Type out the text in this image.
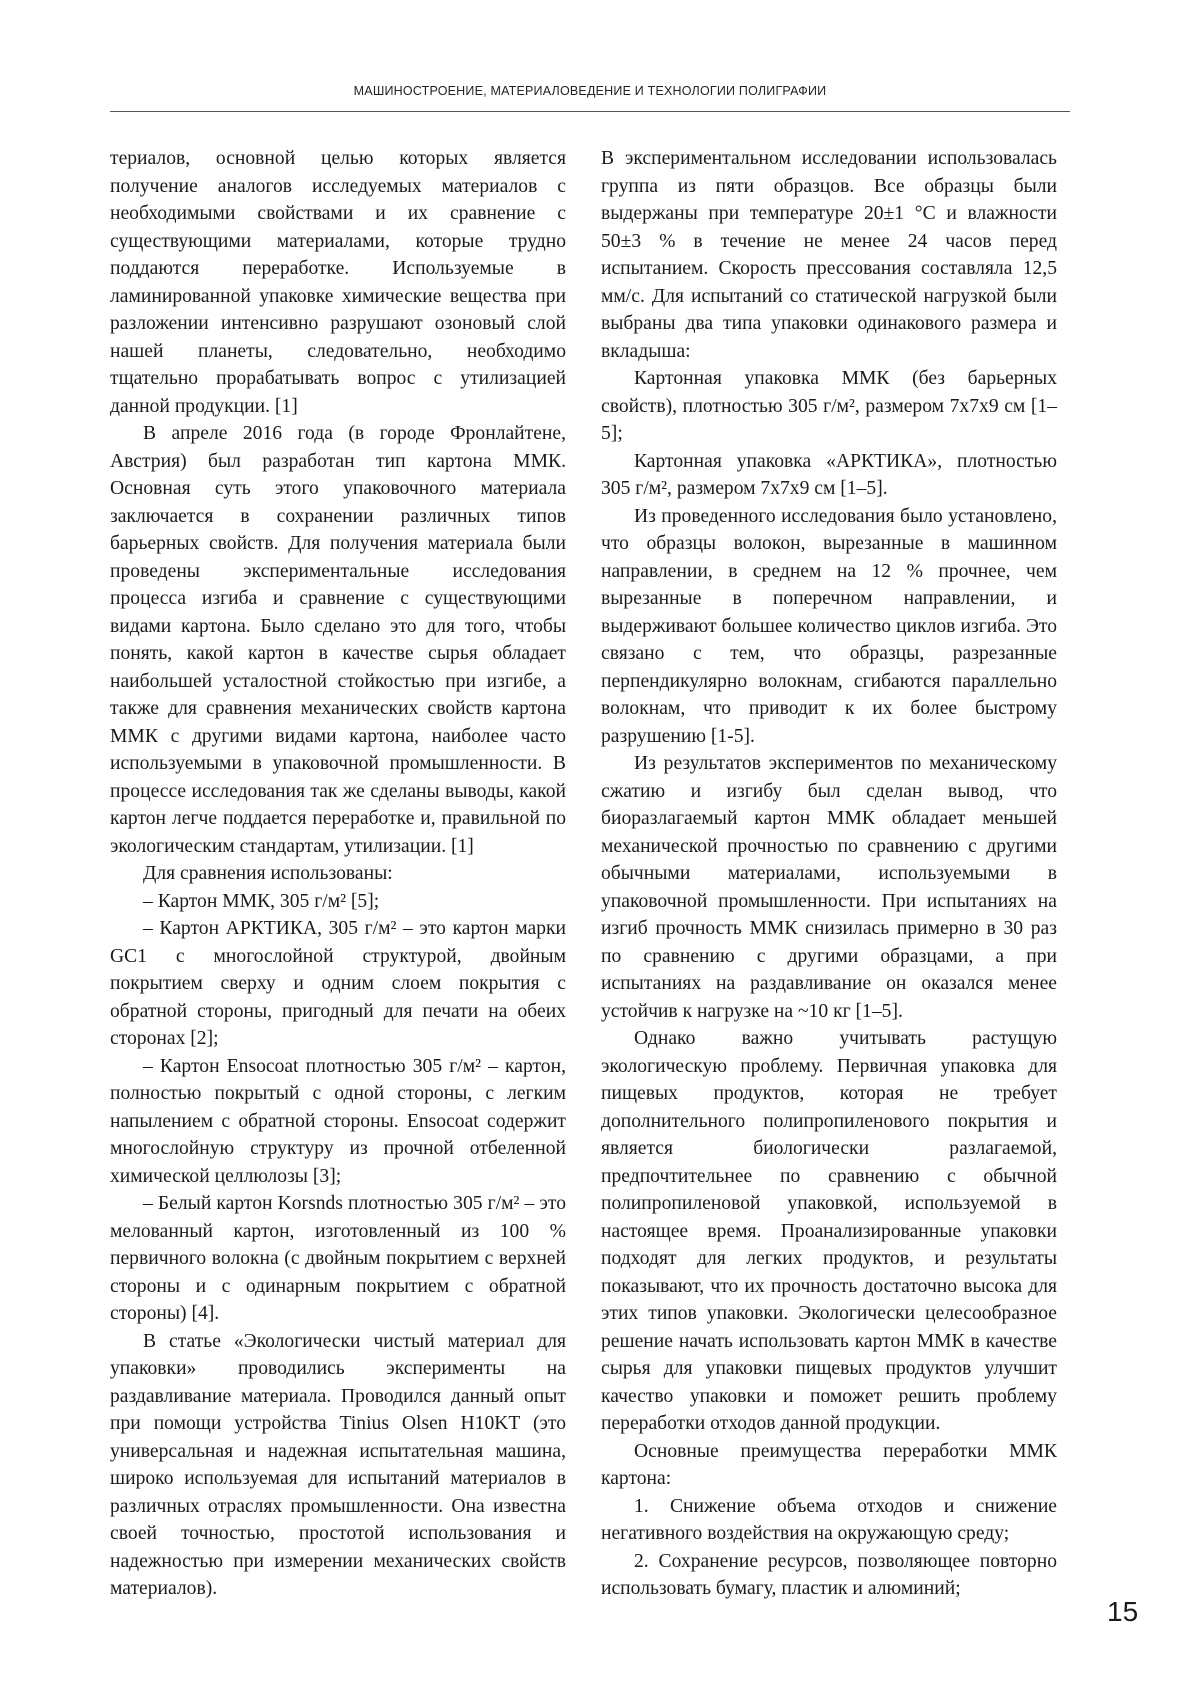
МАШИНОСТРОЕНИЕ, МАТЕРИАЛОВЕДЕНИЕ И ТЕХНОЛОГИИ ПОЛИГРАФИИ

териалов, основной целью которых является получение аналогов исследуемых материалов с необходимыми свойствами и их сравнение с существующими материалами, которые трудно поддаются переработке. Используемые в ламинированной упаковке химические вещества при разложении интенсивно разрушают озоновый слой нашей планеты, следовательно, необходимо тщательно прорабатывать вопрос с утилизацией данной продукции. [1]

В апреле 2016 года (в городе Фронлайтене, Австрия) был разработан тип картона ММК. Основная суть этого упаковочного материала заключается в сохранении различных типов барьерных свойств. Для получения материала были проведены экспериментальные исследования процесса изгиба и сравнение с существующими видами картона. Было сделано это для того, чтобы понять, какой картон в качестве сырья обладает наибольшей усталостной стойкостью при изгибе, а также для сравнения механических свойств картона ММК с другими видами картона, наиболее часто используемыми в упаковочной промышленности. В процессе исследования так же сделаны выводы, какой картон легче поддается переработке и, правильной по экологическим стандартам, утилизации. [1]

Для сравнения использованы:

– Картон ММК, 305 г/м² [5];

– Картон АРКТИКА, 305 г/м² – это картон марки GC1 с многослойной структурой, двойным покрытием сверху и одним слоем покрытия с обратной стороны, пригодный для печати на обеих сторонах [2];

– Картон Ensocoat плотностью 305 г/м² – картон, полностью покрытый с одной стороны, с легким напылением с обратной стороны. Ensocoat содержит многослойную структуру из прочной отбеленной химической целлюлозы [3];

– Белый картон Korsnds плотностью 305 г/м² – это мелованный картон, изготовленный из 100 % первичного волокна (с двойным покрытием с верхней стороны и с одинарным покрытием с обратной стороны) [4].

В статье «Экологически чистый материал для упаковки» проводились эксперименты на раздавливание материала. Проводился данный опыт при помощи устройства Tinius Olsen H10KT (это универсальная и надежная испытательная машина, широко используемая для испытаний материалов в различных отраслях промышленности. Она известна своей точностью, простотой использования и надежностью при измерении механических свойств материалов).

В экспериментальном исследовании использовалась группа из пяти образцов. Все образцы были выдержаны при температуре 20±1 °С и влажности 50±3 % в течение не менее 24 часов перед испытанием. Скорость прессования составляла 12,5 мм/с. Для испытаний со статической нагрузкой были выбраны два типа упаковки одинакового размера и вкладыша:

Картонная упаковка ММК (без барьерных свойств), плотностью 305 г/м², размером 7x7x9 см [1–5];

Картонная упаковка «АРКТИКА», плотностью 305 г/м², размером 7x7x9 см [1–5].

Из проведенного исследования было установлено, что образцы волокон, вырезанные в машинном направлении, в среднем на 12 % прочнее, чем вырезанные в поперечном направлении, и выдерживают большее количество циклов изгиба. Это связано с тем, что образцы, разрезанные перпендикулярно волокнам, сгибаются параллельно волокнам, что приводит к их более быстрому разрушению [1-5].

Из результатов экспериментов по механическому сжатию и изгибу был сделан вывод, что биоразлагаемый картон ММК обладает меньшей механической прочностью по сравнению с другими обычными материалами, используемыми в упаковочной промышленности. При испытаниях на изгиб прочность ММК снизилась примерно в 30 раз по сравнению с другими образцами, а при испытаниях на раздавливание он оказался менее устойчив к нагрузке на ~10 кг [1–5].

Однако важно учитывать растущую экологическую проблему. Первичная упаковка для пищевых продуктов, которая не требует дополнительного полипропиленового покрытия и является биологически разлагаемой, предпочтительнее по сравнению с обычной полипропиленовой упаковкой, используемой в настоящее время. Проанализированные упаковки подходят для легких продуктов, и результаты показывают, что их прочность достаточно высока для этих типов упаковки. Экологически целесообразное решение начать использовать картон ММК в качестве сырья для упаковки пищевых продуктов улучшит качество упаковки и поможет решить проблему переработки отходов данной продукции.

Основные преимущества переработки ММК картона:

1. Снижение объема отходов и снижение негативного воздействия на окружающую среду;

2. Сохранение ресурсов, позволяющее повторно использовать бумагу, пластик и алюминий;

15
